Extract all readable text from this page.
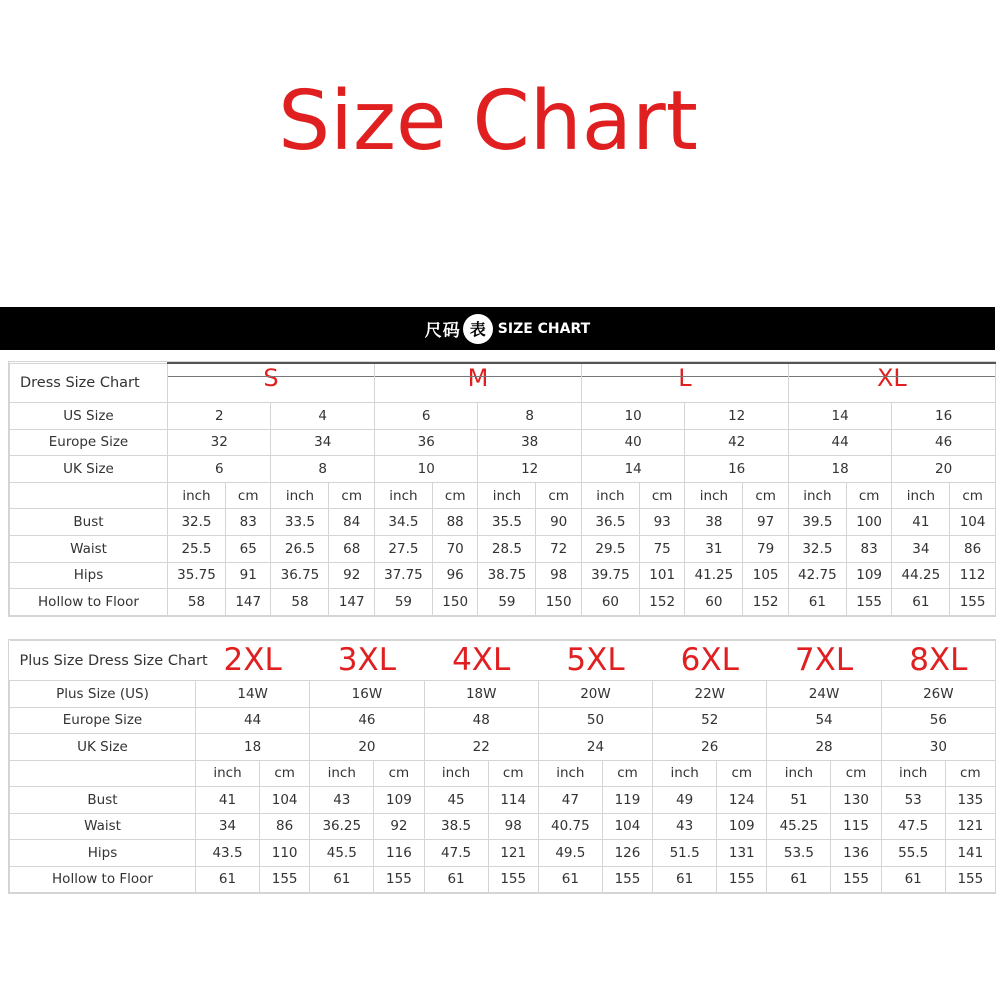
Size Chart
尺码 表 SIZE CHART
Dress Size Chart	S				M				L				XL			

US Size	2		4		6		8		10		12		14		16	
Europe Size	32		34		36		38		40		42		44		46	
UK Size	6		8		10		12		14		16		18		20	
	inch	cm	inch	cm	inch	cm	inch	cm	inch	cm	inch	cm	inch	cm	inch	cm
Bust	32.5	83	33.5	84	34.5	88	35.5	90	36.5	93	38	97	39.5	100	41	104
Waist	25.5	65	26.5	68	27.5	70	28.5	72	29.5	75	31	79	32.5	83	34	86
Hips	35.75	91	36.75	92	37.75	96	38.75	98	39.75	101	41.25	105	42.75	109	44.25	112
Hollow to Floor	58	147	58	147	59	150	59	150	60	152	60	152	61	155	61	155
Plus Size Dress Size Chart	2XL		3XL		4XL		5XL		6XL		7XL		8XL	

Plus Size (US)	14W		16W		18W		20W		22W		24W		26W	
Europe Size	44		46		48		50		52		54		56	
UK Size	18		20		22		24		26		28		30	
	inch	cm	inch	cm	inch	cm	inch	cm	inch	cm	inch	cm	inch	cm
Bust	41	104	43	109	45	114	47	119	49	124	51	130	53	135
Waist	34	86	36.25	92	38.5	98	40.75	104	43	109	45.25	115	47.5	121
Hips	43.5	110	45.5	116	47.5	121	49.5	126	51.5	131	53.5	136	55.5	141
Hollow to Floor	61	155	61	155	61	155	61	155	61	155	61	155	61	155
